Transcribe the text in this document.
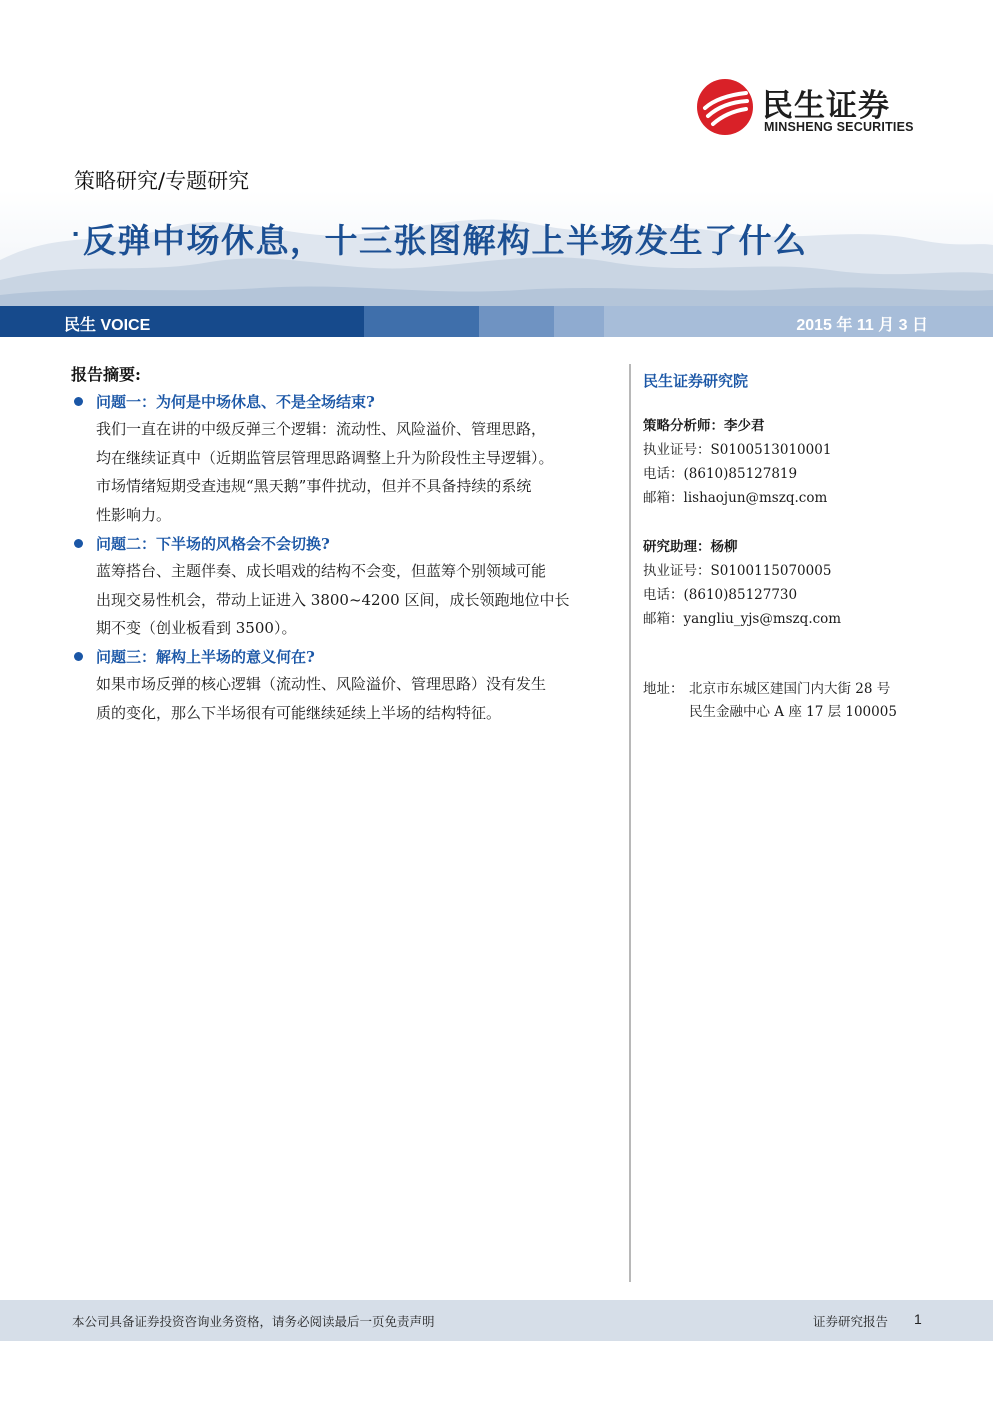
民生证券
MINSHENG SECURITIES
策略研究/专题研究
▪ 反弹中场休息，十三张图解构上半场发生了什么
民生 VOICE	2015 年 11 月 3 日
报告摘要:
问题一：为何是中场休息、不是全场结束?
我们一直在讲的中级反弹三个逻辑：流动性、风险溢价、管理思路，
均在继续证真中（近期监管层管理思路调整上升为阶段性主导逻辑）。
市场情绪短期受查违规“黑天鹅”事件扰动，但并不具备持续的系统
性影响力。
问题二：下半场的风格会不会切换?
蓝筹搭台、主题伴奏、成长唱戏的结构不会变，但蓝筹个别领域可能
出现交易性机会，带动上证进入 3800~4200 区间，成长领跑地位中长
期不变（创业板看到 3500）。
问题三：解构上半场的意义何在?
如果市场反弹的核心逻辑（流动性、风险溢价、管理思路）没有发生
质的变化，那么下半场很有可能继续延续上半场的结构特征。
民生证券研究院
策略分析师：李少君
执业证号：S0100513010001
电话：(8610)85127819
邮箱：lishaojun@mszq.com
研究助理：杨柳
执业证号：S0100115070005
电话：(8610)85127730
邮箱：yangliu_yjs@mszq.com
地址： 北京市东城区建国门内大街 28 号
民生金融中心 A 座 17 层 100005
本公司具备证券投资咨询业务资格，请务必阅读最后一页免责声明	证券研究报告 1
